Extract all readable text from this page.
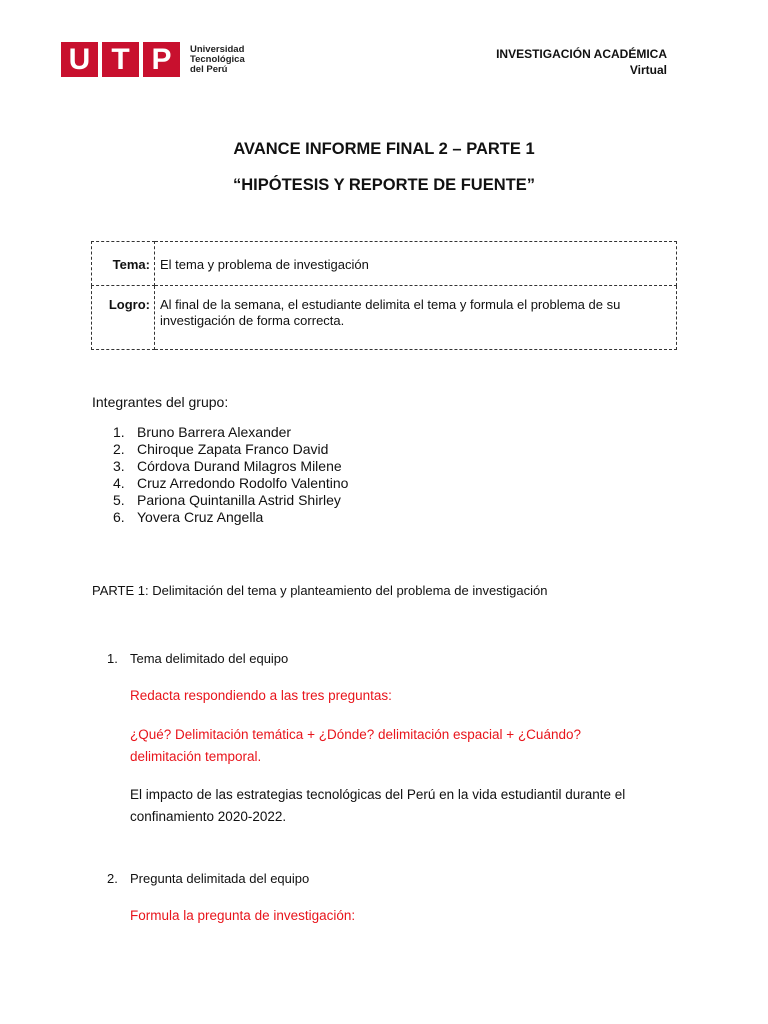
U T P	Universidad
Tecnológica
del Perú
INVESTIGACIÓN ACADÉMICA
Virtual
AVANCE INFORME FINAL 2 – PARTE 1
“HIPÓTESIS Y REPORTE DE FUENTE”
Tema:	El tema y problema de investigación

Logro:	Al final de la semana, el estudiante delimita el tema y formula el problema de su investigación de forma correcta.
Integrantes del grupo:
1. Bruno Barrera Alexander
2. Chiroque Zapata Franco David
3. Córdova Durand Milagros Milene
4. Cruz Arredondo Rodolfo Valentino
5. Pariona Quintanilla Astrid Shirley
6. Yovera Cruz Angella
PARTE 1: Delimitación del tema y planteamiento del problema de investigación
1. Tema delimitado del equipo
Redacta respondiendo a las tres preguntas:
¿Qué? Delimitación temática + ¿Dónde? delimitación espacial + ¿Cuándo? delimitación temporal.
El impacto de las estrategias tecnológicas del Perú en la vida estudiantil durante el confinamiento 2020-2022.
2. Pregunta delimitada del equipo
Formula la pregunta de investigación:
